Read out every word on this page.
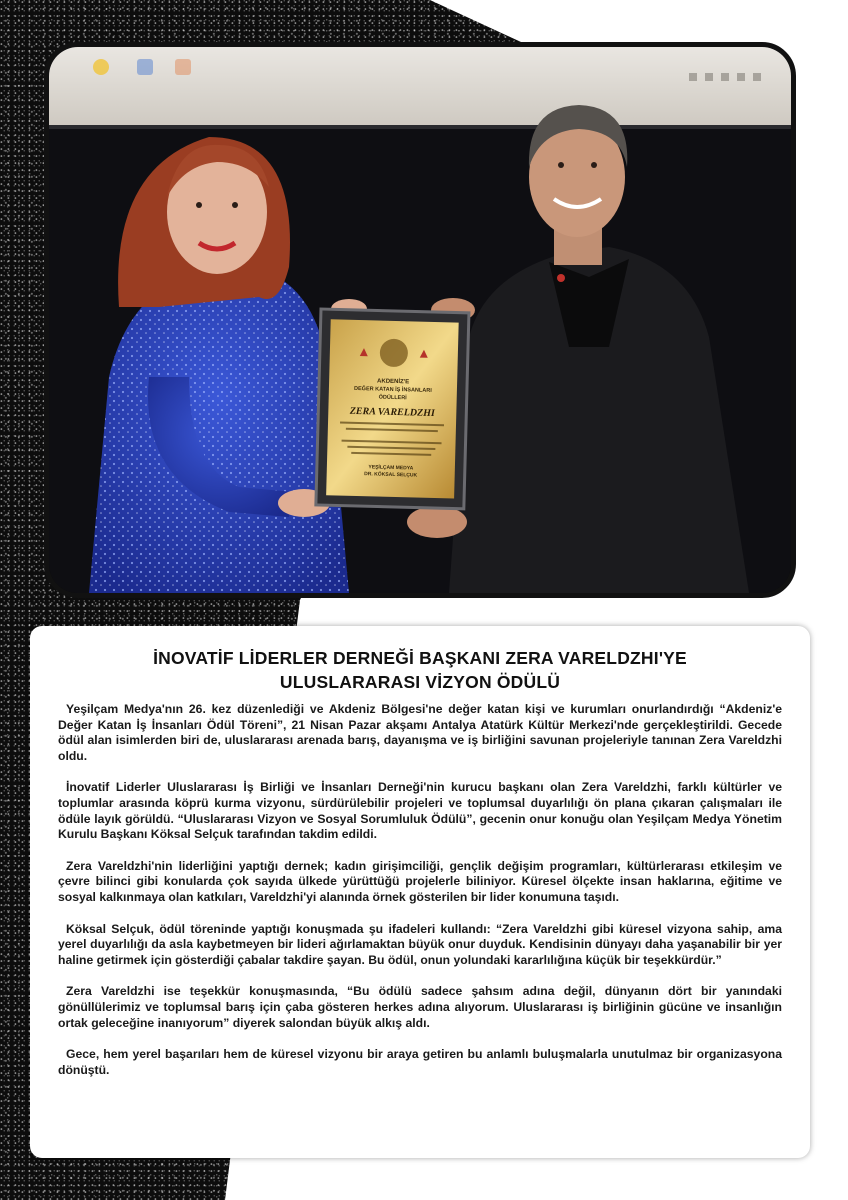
AKDENİZ'E
DEĞER KATAN İŞ İNSANLARI
ÖDÜLLERİ
ZERA VARELDZHI
YEŞİLÇAM MEDYA
DR. KÖKSAL SELÇUK
İNOVATİF LİDERLER DERNEĞİ BAŞKANI ZERA VARELDZHI'YE
ULUSLARARASI VİZYON ÖDÜLÜ

Yeşilçam Medya'nın 26. kez düzenlediği ve Akdeniz Bölgesi'ne değer katan kişi ve kurumları onurlandırdığı “Akdeniz'e Değer Katan İş İnsanları Ödül Töreni”, 21 Nisan Pazar akşamı Antalya Atatürk Kültür Merkezi'nde gerçekleştirildi. Gecede ödül alan isimlerden biri de, uluslararası arenada barış, dayanışma ve iş birliğini savunan projeleriyle tanınan Zera Vareldzhi oldu.

İnovatif Liderler Uluslararası İş Birliği ve İnsanları Derneği'nin kurucu başkanı olan Zera Vareldzhi, farklı kültürler ve toplumlar arasında köprü kurma vizyonu, sürdürülebilir projeleri ve toplumsal duyarlılığı ön plana çıkaran çalışmaları ile ödüle layık görüldü. “Uluslararası Vizyon ve Sosyal Sorumluluk Ödülü”, gecenin onur konuğu olan Yeşilçam Medya Yönetim Kurulu Başkanı Köksal Selçuk tarafından takdim edildi.

Zera Vareldzhi'nin liderliğini yaptığı dernek; kadın girişimciliği, gençlik değişim programları, kültürlerarası etkileşim ve çevre bilinci gibi konularda çok sayıda ülkede yürüttüğü projelerle biliniyor. Küresel ölçekte insan haklarına, eğitime ve sosyal kalkınmaya olan katkıları, Vareldzhi'yi alanında örnek gösterilen bir lider konumuna taşıdı.

Köksal Selçuk, ödül töreninde yaptığı konuşmada şu ifadeleri kullandı: “Zera Vareldzhi gibi küresel vizyona sahip, ama yerel duyarlılığı da asla kaybetmeyen bir lideri ağırlamaktan büyük onur duyduk. Kendisinin dünyayı daha yaşanabilir bir yer haline getirmek için gösterdiği çabalar takdire şayan. Bu ödül, onun yolundaki kararlılığına küçük bir teşekkürdür.”

Zera Vareldzhi ise teşekkür konuşmasında, “Bu ödülü sadece şahsım adına değil, dünyanın dört bir yanındaki gönüllülerimiz ve toplumsal barış için çaba gösteren herkes adına alıyorum. Uluslararası iş birliğinin gücüne ve insanlığın ortak geleceğine inanıyorum” diyerek salondan büyük alkış aldı.

Gece, hem yerel başarıları hem de küresel vizyonu bir araya getiren bu anlamlı buluşmalarla unutulmaz bir organizasyona dönüştü.
